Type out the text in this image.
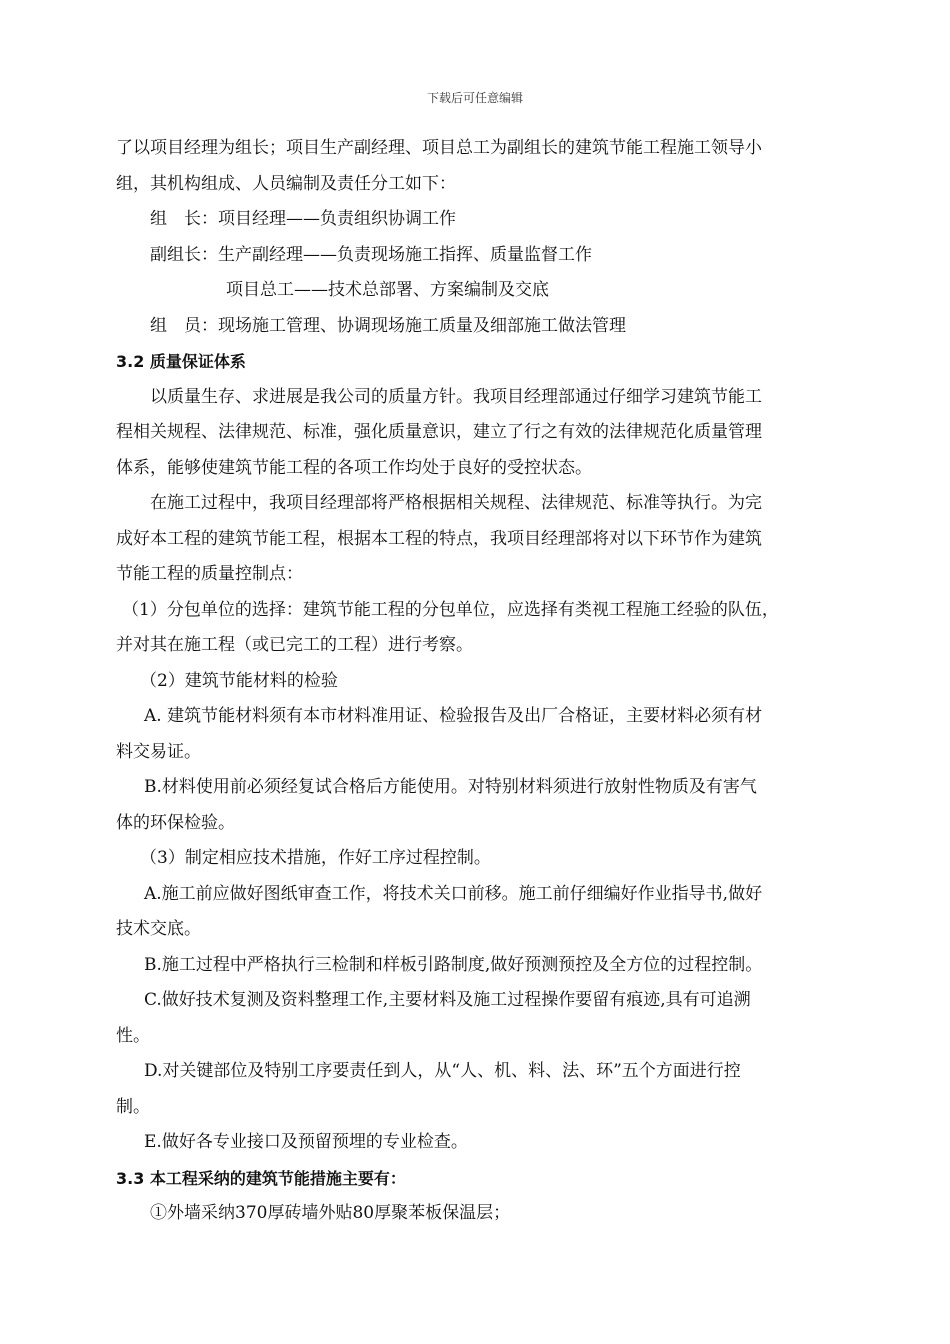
下载后可任意编辑
了以项目经理为组长；项目生产副经理、项目总工为副组长的建筑节能工程施工领导小
组，其机构组成、人员编制及责任分工如下：
组　长：项目经理——负责组织协调工作
副组长：生产副经理——负责现场施工指挥、质量监督工作
项目总工——技术总部署、方案编制及交底
组　员：现场施工管理、协调现场施工质量及细部施工做法管理
3.2 质量保证体系
以质量生存、求进展是我公司的质量方针。我项目经理部通过仔细学习建筑节能工
程相关规程、法律规范、标准，强化质量意识，建立了行之有效的法律规范化质量管理
体系，能够使建筑节能工程的各项工作均处于良好的受控状态。
在施工过程中，我项目经理部将严格根据相关规程、法律规范、标准等执行。为完
成好本工程的建筑节能工程，根据本工程的特点，我项目经理部将对以下环节作为建筑
节能工程的质量控制点：
（1）分包单位的选择：建筑节能工程的分包单位，应选择有类视工程施工经验的队伍，
并对其在施工程（或已完工的工程）进行考察。
（2）建筑节能材料的检验
A. 建筑节能材料须有本市材料准用证、检验报告及出厂合格证，主要材料必须有材
料交易证。
B.材料使用前必须经复试合格后方能使用。对特别材料须进行放射性物质及有害气
体的环保检验。
（3）制定相应技术措施，作好工序过程控制。
A.施工前应做好图纸审查工作，将技术关口前移。施工前仔细编好作业指导书,做好
技术交底。
B.施工过程中严格执行三检制和样板引路制度,做好预测预控及全方位的过程控制。
C.做好技术复测及资料整理工作,主要材料及施工过程操作要留有痕迹,具有可追溯
性。
D.对关键部位及特别工序要责任到人，从“人、机、料、法、环”五个方面进行控
制。
E.做好各专业接口及预留预埋的专业检查。
3.3 本工程采纳的建筑节能措施主要有：
①外墙采纳370厚砖墙外贴80厚聚苯板保温层；
